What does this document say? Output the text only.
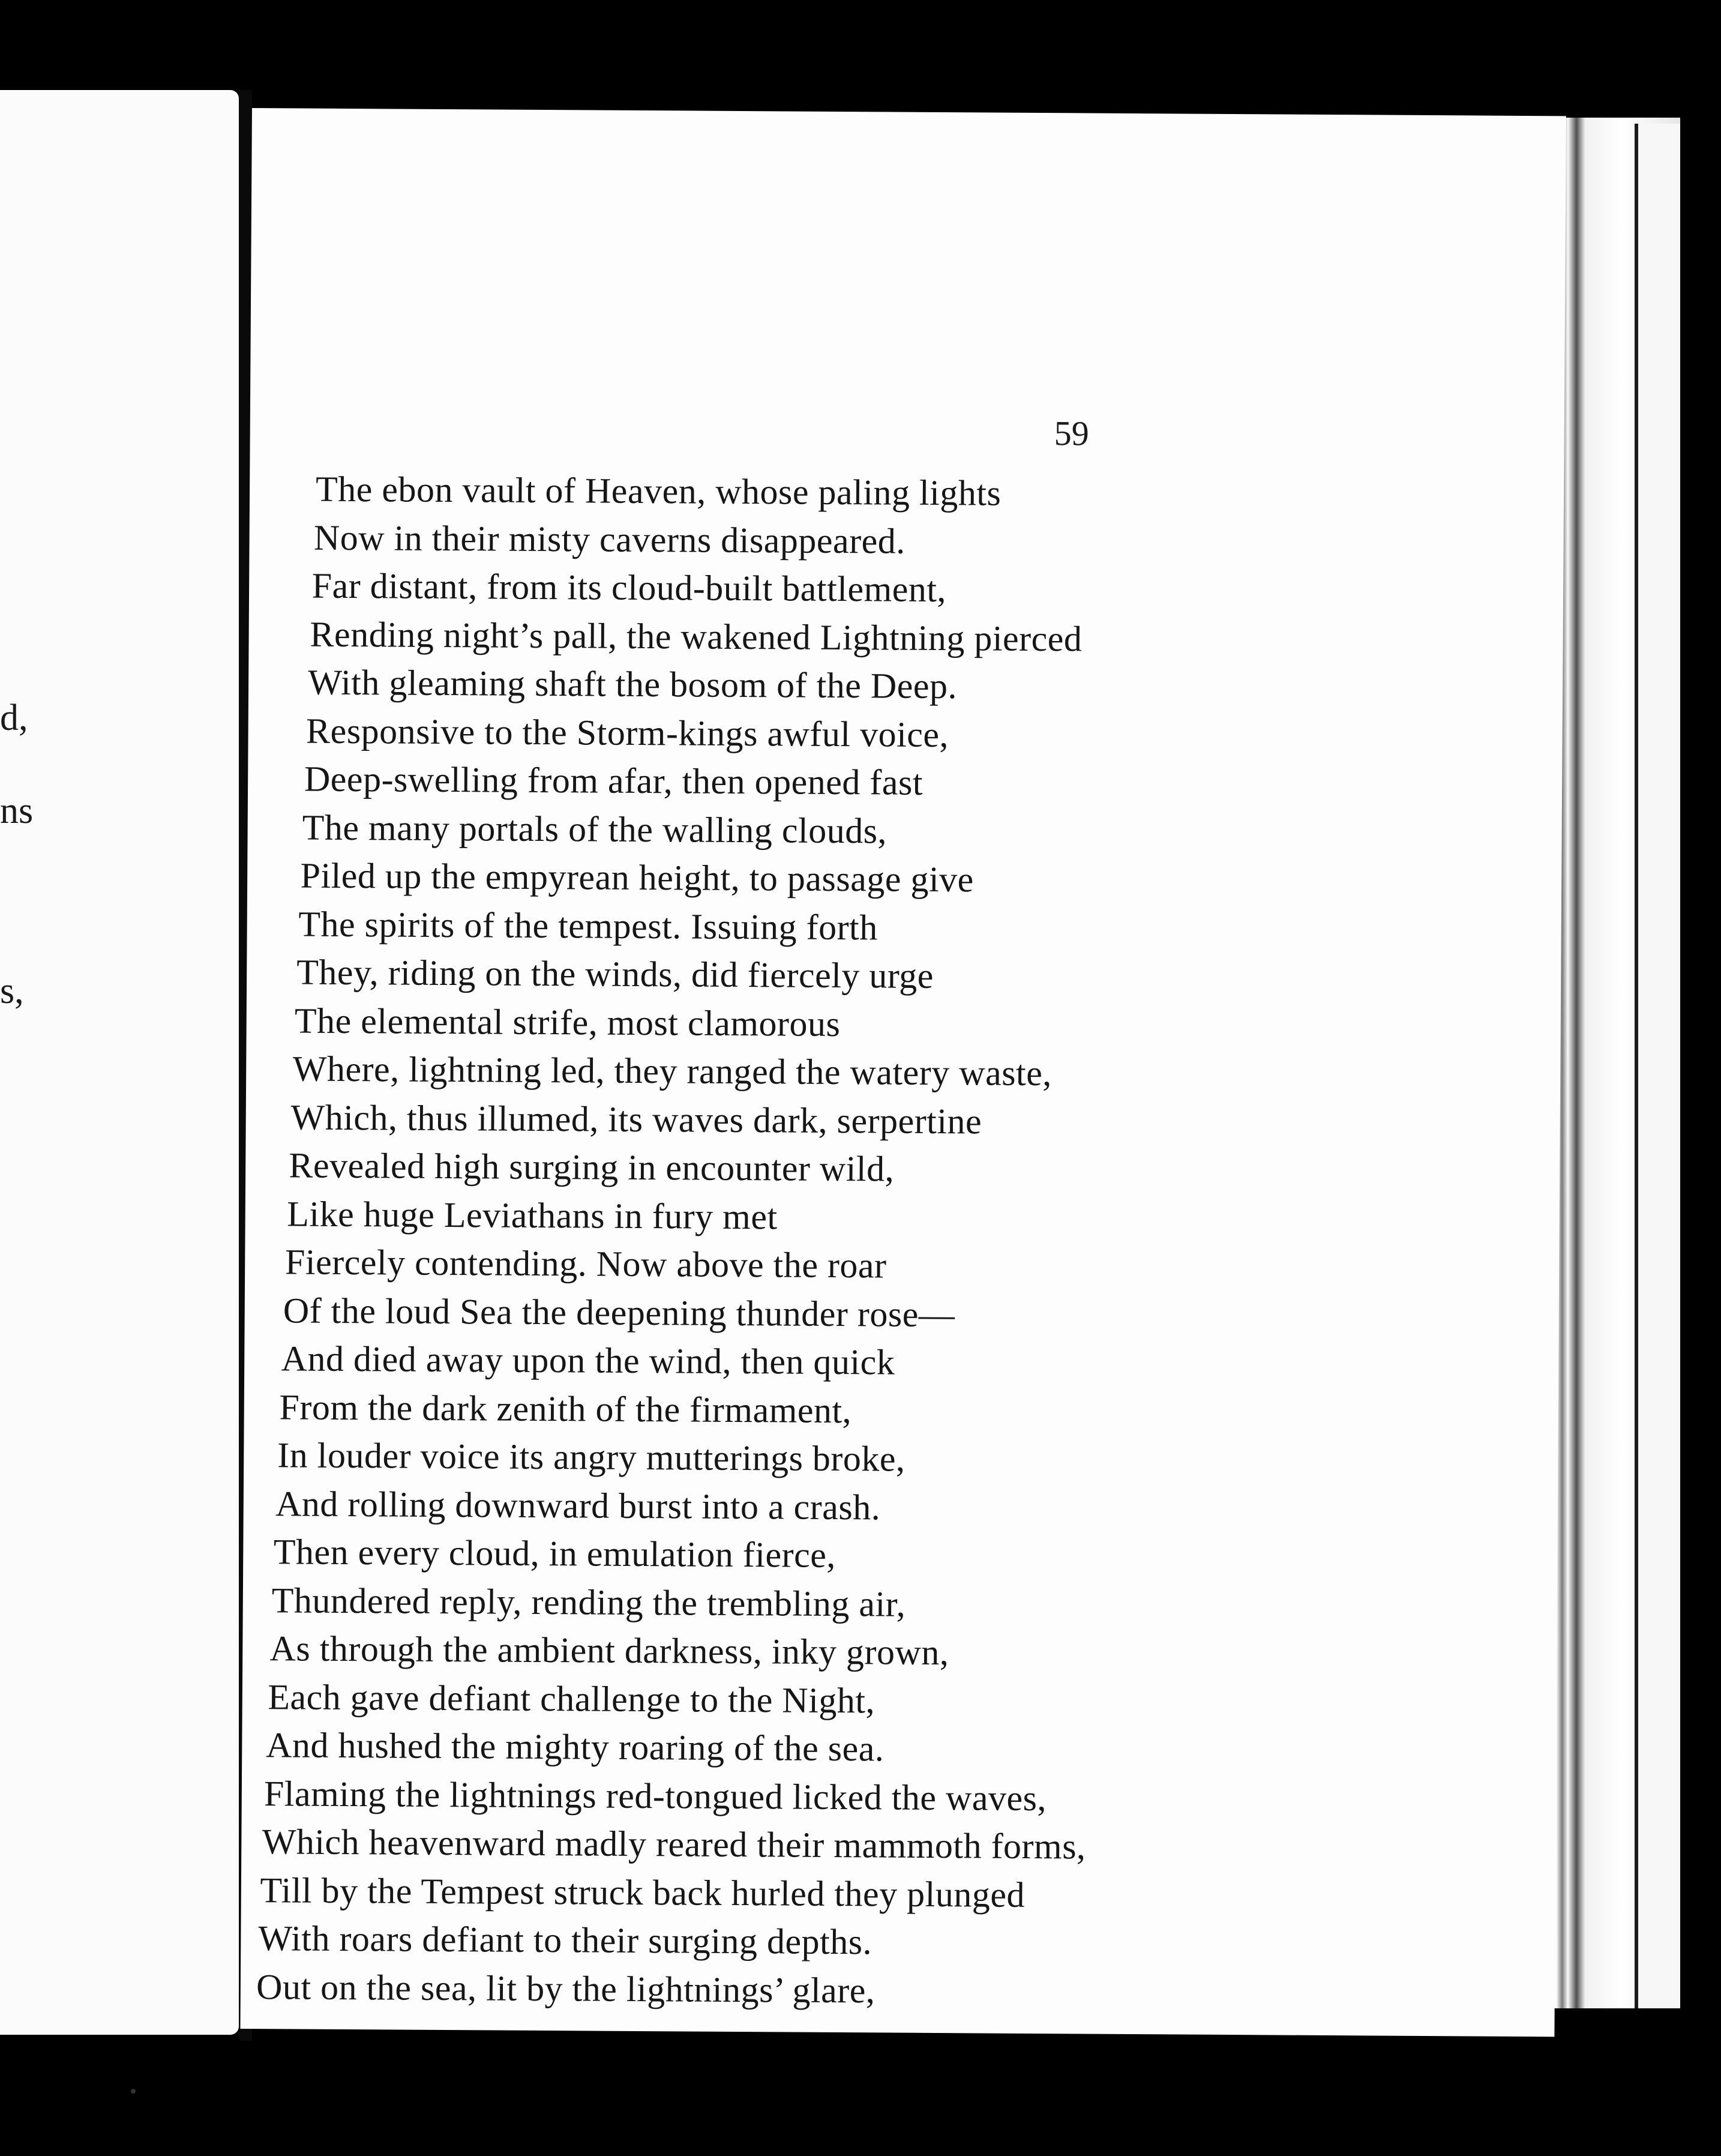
d,
ns
s,
59
The ebon vault of Heaven, whose paling lights
Now in their misty caverns disappeared.
Far distant, from its cloud-built battlement,
Rending night’s pall, the wakened Lightning pierced
With gleaming shaft the bosom of the Deep.
Responsive to the Storm-kings awful voice,
Deep-swelling from afar, then opened fast
The many portals of the walling clouds,
Piled up the empyrean height, to passage give
The spirits of the tempest. Issuing forth
They, riding on the winds, did fiercely urge
The elemental strife, most clamorous
Where, lightning led, they ranged the watery waste,
Which, thus illumed, its waves dark, serpertine
Revealed high surging in encounter wild,
Like huge Leviathans in fury met
Fiercely contending. Now above the roar
Of the loud Sea the deepening thunder rose—
And died away upon the wind, then quick
From the dark zenith of the firmament,
In louder voice its angry mutterings broke,
And rolling downward burst into a crash.
Then every cloud, in emulation fierce,
Thundered reply, rending the trembling air,
As through the ambient darkness, inky grown,
Each gave defiant challenge to the Night,
And hushed the mighty roaring of the sea.
Flaming the lightnings red-tongued licked the waves,
Which heavenward madly reared their mammoth forms,
Till by the Tempest struck back hurled they plunged
With roars defiant to their surging depths.
Out on the sea, lit by the lightnings’ glare,
